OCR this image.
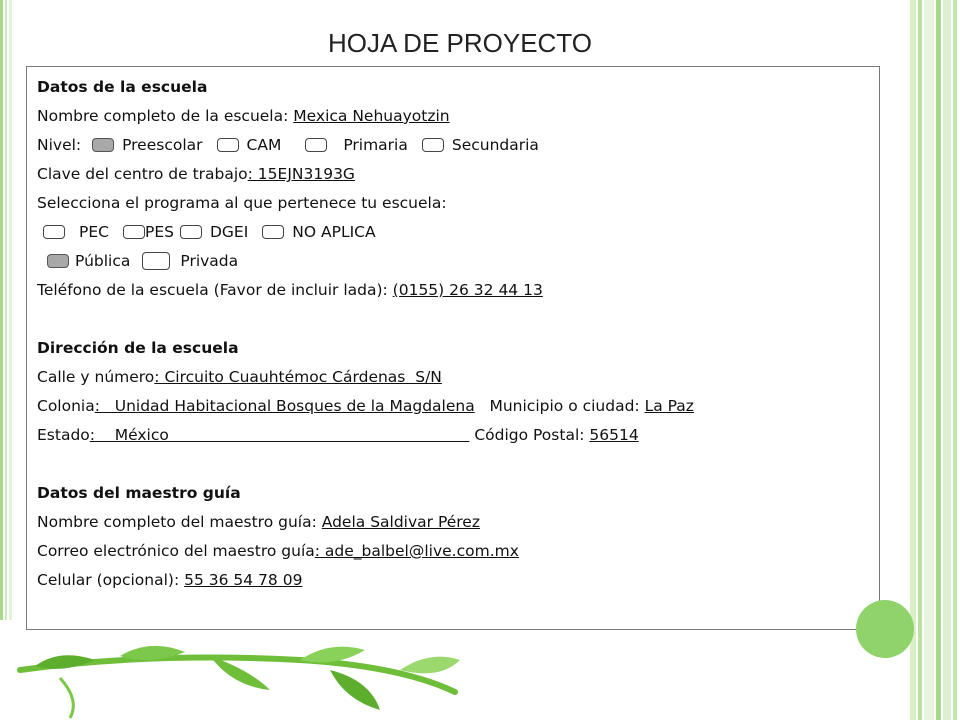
HOJA DE PROYECTO
Datos de la escuela
Nombre completo de la escuela: Mexica Nehuayotzin
Nivel: Preescolar	CAM	Primaria	Secundaria
Clave del centro de trabajo: 15EJN3193G
Selecciona el programa al que pertenece tu escuela:
PEC PES DGEI	NO APLICA
Pública	Privada
Teléfono de la escuela (Favor de incluir lada): (0155) 26 32 44 13
Dirección de la escuela
Calle y número: Circuito Cuauhtémoc Cárdenas  S/N
Colonia:   Unidad Habitacional Bosques de la Magdalena   Municipio o ciudad: La Paz
Estado:    México                                                              Código Postal: 56514
Datos del maestro guía
Nombre completo del maestro guía: Adela Saldivar Pérez
Correo electrónico del maestro guía: ade_balbel@live.com.mx
Celular (opcional): 55 36 54 78 09
